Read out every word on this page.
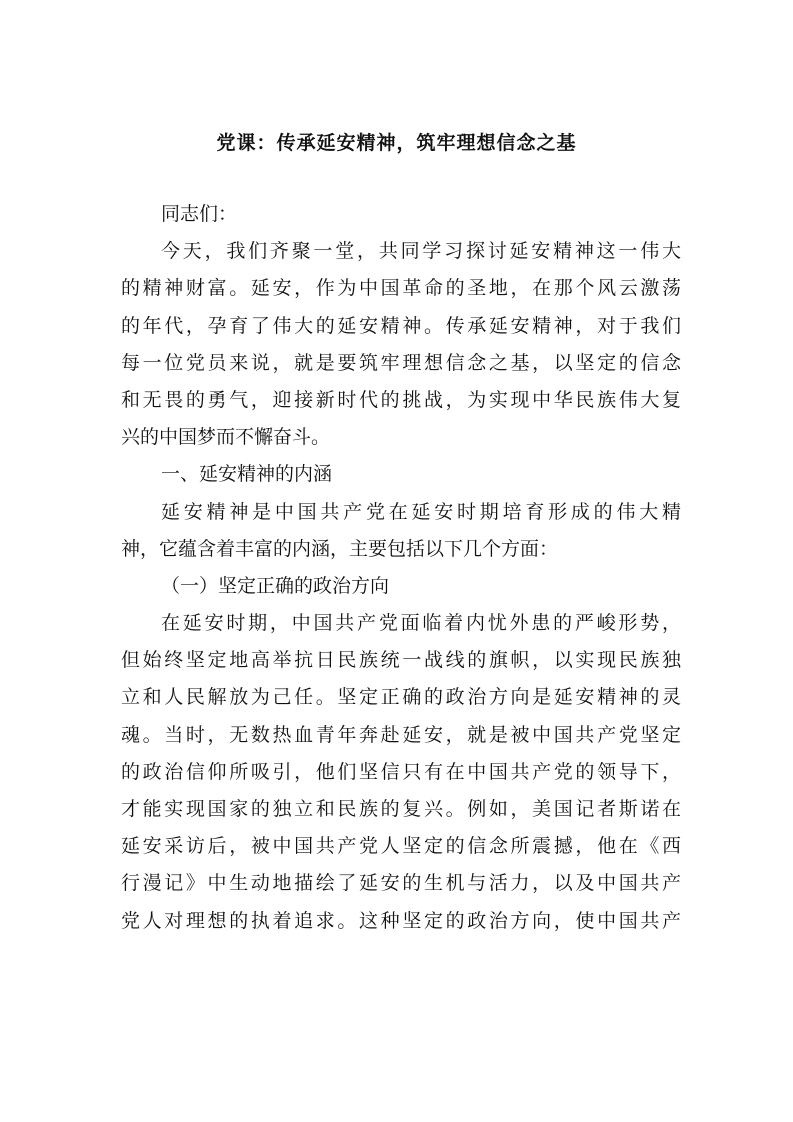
党课：传承延安精神，筑牢理想信念之基
同志们：
今天，我们齐聚一堂，共同学习探讨延安精神这一伟大
的精神财富。延安，作为中国革命的圣地，在那个风云激荡
的年代，孕育了伟大的延安精神。传承延安精神，对于我们
每一位党员来说，就是要筑牢理想信念之基，以坚定的信念
和无畏的勇气，迎接新时代的挑战，为实现中华民族伟大复
兴的中国梦而不懈奋斗。
一、延安精神的内涵
延安精神是中国共产党在延安时期培育形成的伟大精
神，它蕴含着丰富的内涵，主要包括以下几个方面：
（一）坚定正确的政治方向
在延安时期，中国共产党面临着内忧外患的严峻形势，
但始终坚定地高举抗日民族统一战线的旗帜，以实现民族独
立和人民解放为己任。坚定正确的政治方向是延安精神的灵
魂。当时，无数热血青年奔赴延安，就是被中国共产党坚定
的政治信仰所吸引，他们坚信只有在中国共产党的领导下，
才能实现国家的独立和民族的复兴。例如，美国记者斯诺在
延安采访后，被中国共产党人坚定的信念所震撼，他在《西
行漫记》中生动地描绘了延安的生机与活力，以及中国共产
党人对理想的执着追求。这种坚定的政治方向，使中国共产
